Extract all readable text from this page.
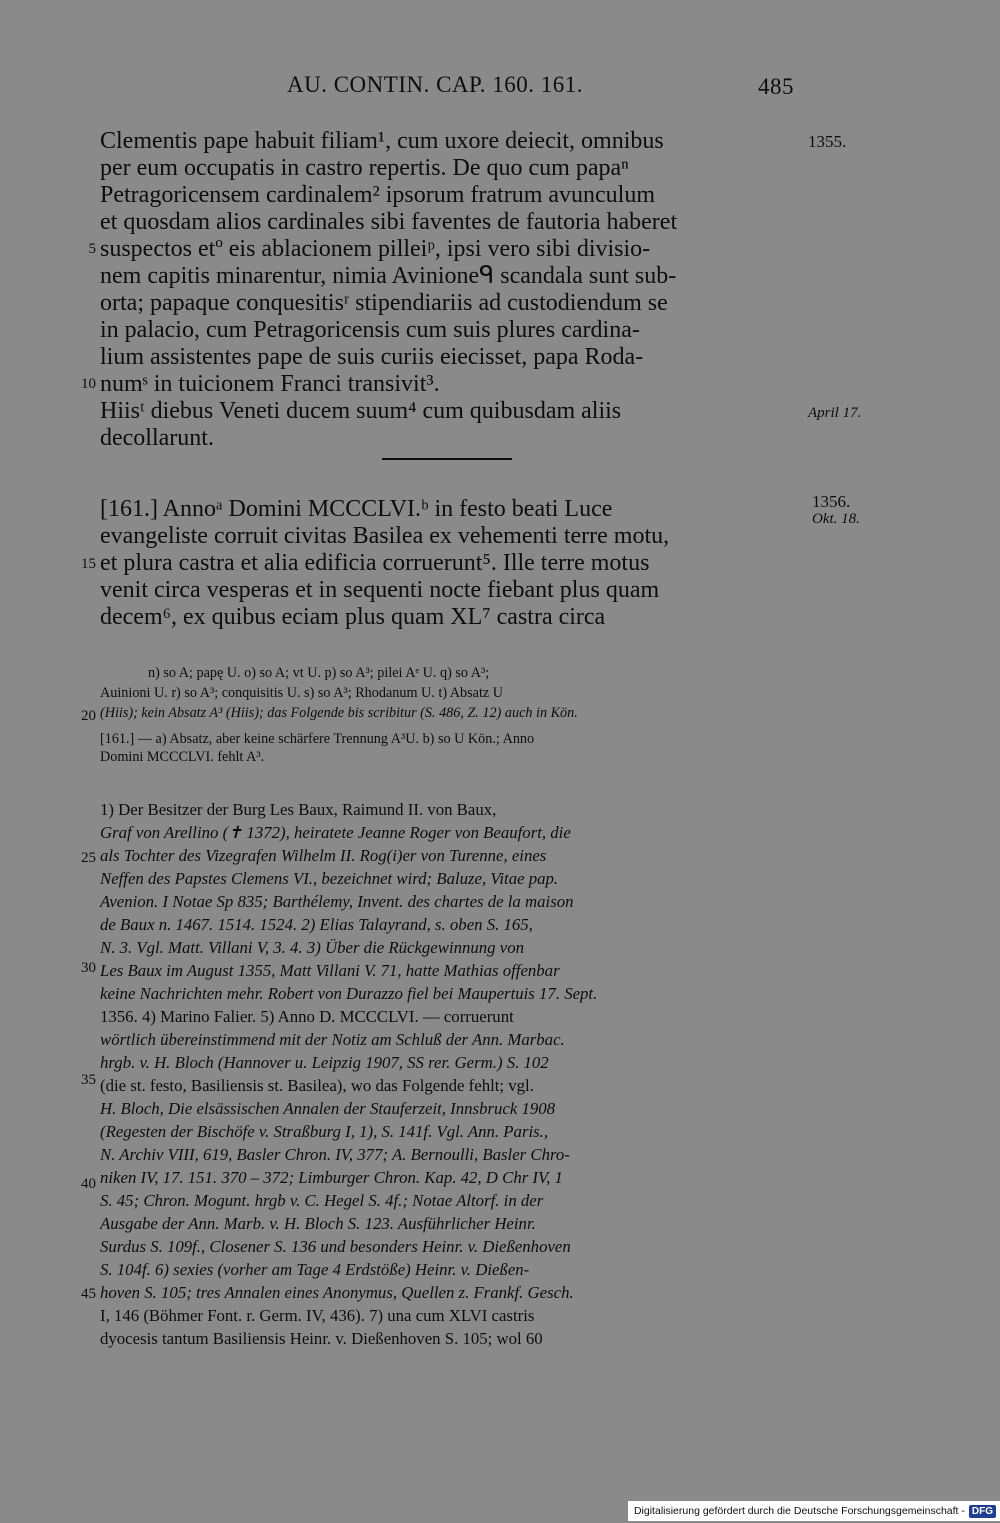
AU. CONTIN. CAP. 160. 161.	485
Clementis pape habuit filiam¹, cum uxore deiecit, omnibus
per eum occupatis in castro repertis. De quo cum papaⁿ
Petragoricensem cardinalem² ipsorum fratrum avunculum
et quosdam alios cardinales sibi faventes de fautoria haberet
suspectos etº eis ablacionem pilleiᵖ, ipsi vero sibi divisio-
nem capitis minarentur, nimia Avinioneᑫ scandala sunt sub-
orta; papaque conquesitisʳ stipendiariis ad custodiendum se
in palacio, cum Petragoricensis cum suis plures cardina-
lium assistentes pape de suis curiis eiecisset, papa Roda-
numˢ in tuicionem Franci transivit³.
Hiisᵗ diebus Veneti ducem suum⁴ cum quibusdam aliis
decollarunt.
[161.] Annoᵃ Domini MCCCLVI.ᵇ in festo beati Luce
evangeliste corruit civitas Basilea ex vehementi terre motu,
et plura castra et alia edificia corruerunt⁵. Ille terre motus
venit circa vesperas et in sequenti nocte fiebant plus quam
decem⁶, ex quibus eciam plus quam XL⁷ castra circa
5
10
15
20
25
30
35
40
45
1355.
April 17.
1356.
Okt. 18.
n) so A; papę U. o) so A; vt U. p) so A³; pilei Aᵉ U. q) so A³;
Auinioni U. r) so A³; conquisitis U. s) so A³; Rhodanum U. t) Absatz U
(Hiis); kein Absatz A³ (Hiis); das Folgende bis scribitur (S. 486, Z. 12) auch in Kön.
[161.] — a) Absatz, aber keine schärfere Trennung A³U. b) so U Kön.; Anno
Domini MCCCLVI. fehlt A³.
1) Der Besitzer der Burg Les Baux, Raimund II. von Baux,
Graf von Arellino (✝ 1372), heiratete Jeanne Roger von Beaufort, die
als Tochter des Vizegrafen Wilhelm II. Rog(i)er von Turenne, eines
Neffen des Papstes Clemens VI., bezeichnet wird; Baluze, Vitae pap.
Avenion. I Notae Sp 835; Barthélemy, Invent. des chartes de la maison
de Baux n. 1467. 1514. 1524. 2) Elias Talayrand, s. oben S. 165,
N. 3. Vgl. Matt. Villani V, 3. 4. 3) Über die Rückgewinnung von
Les Baux im August 1355, Matt Villani V. 71, hatte Mathias offenbar
keine Nachrichten mehr. Robert von Durazzo fiel bei Maupertuis 17. Sept.
1356. 4) Marino Falier. 5) Anno D. MCCCLVI. — corruerunt
wörtlich übereinstimmend mit der Notiz am Schluß der Ann. Marbac.
hrgb. v. H. Bloch (Hannover u. Leipzig 1907, SS rer. Germ.) S. 102
(die st. festo, Basiliensis st. Basilea), wo das Folgende fehlt; vgl.
H. Bloch, Die elsässischen Annalen der Stauferzeit, Innsbruck 1908
(Regesten der Bischöfe v. Straßburg I, 1), S. 141f. Vgl. Ann. Paris.,
N. Archiv VIII, 619, Basler Chron. IV, 377; A. Bernoulli, Basler Chro-
niken IV, 17. 151. 370 – 372; Limburger Chron. Kap. 42, D Chr IV, 1
S. 45; Chron. Mogunt. hrgb v. C. Hegel S. 4f.; Notae Altorf. in der
Ausgabe der Ann. Marb. v. H. Bloch S. 123. Ausführlicher Heinr.
Surdus S. 109f., Closener S. 136 und besonders Heinr. v. Dießenhoven
S. 104f. 6) sexies (vorher am Tage 4 Erdstöße) Heinr. v. Dießen-
hoven S. 105; tres Annalen eines Anonymus, Quellen z. Frankf. Gesch.
I, 146 (Böhmer Font. r. Germ. IV, 436). 7) una cum XLVI castris
dyocesis tantum Basiliensis Heinr. v. Dießenhoven S. 105; wol 60
Digitalisierung gefördert durch die Deutsche Forschungsgemeinschaft - DFG
